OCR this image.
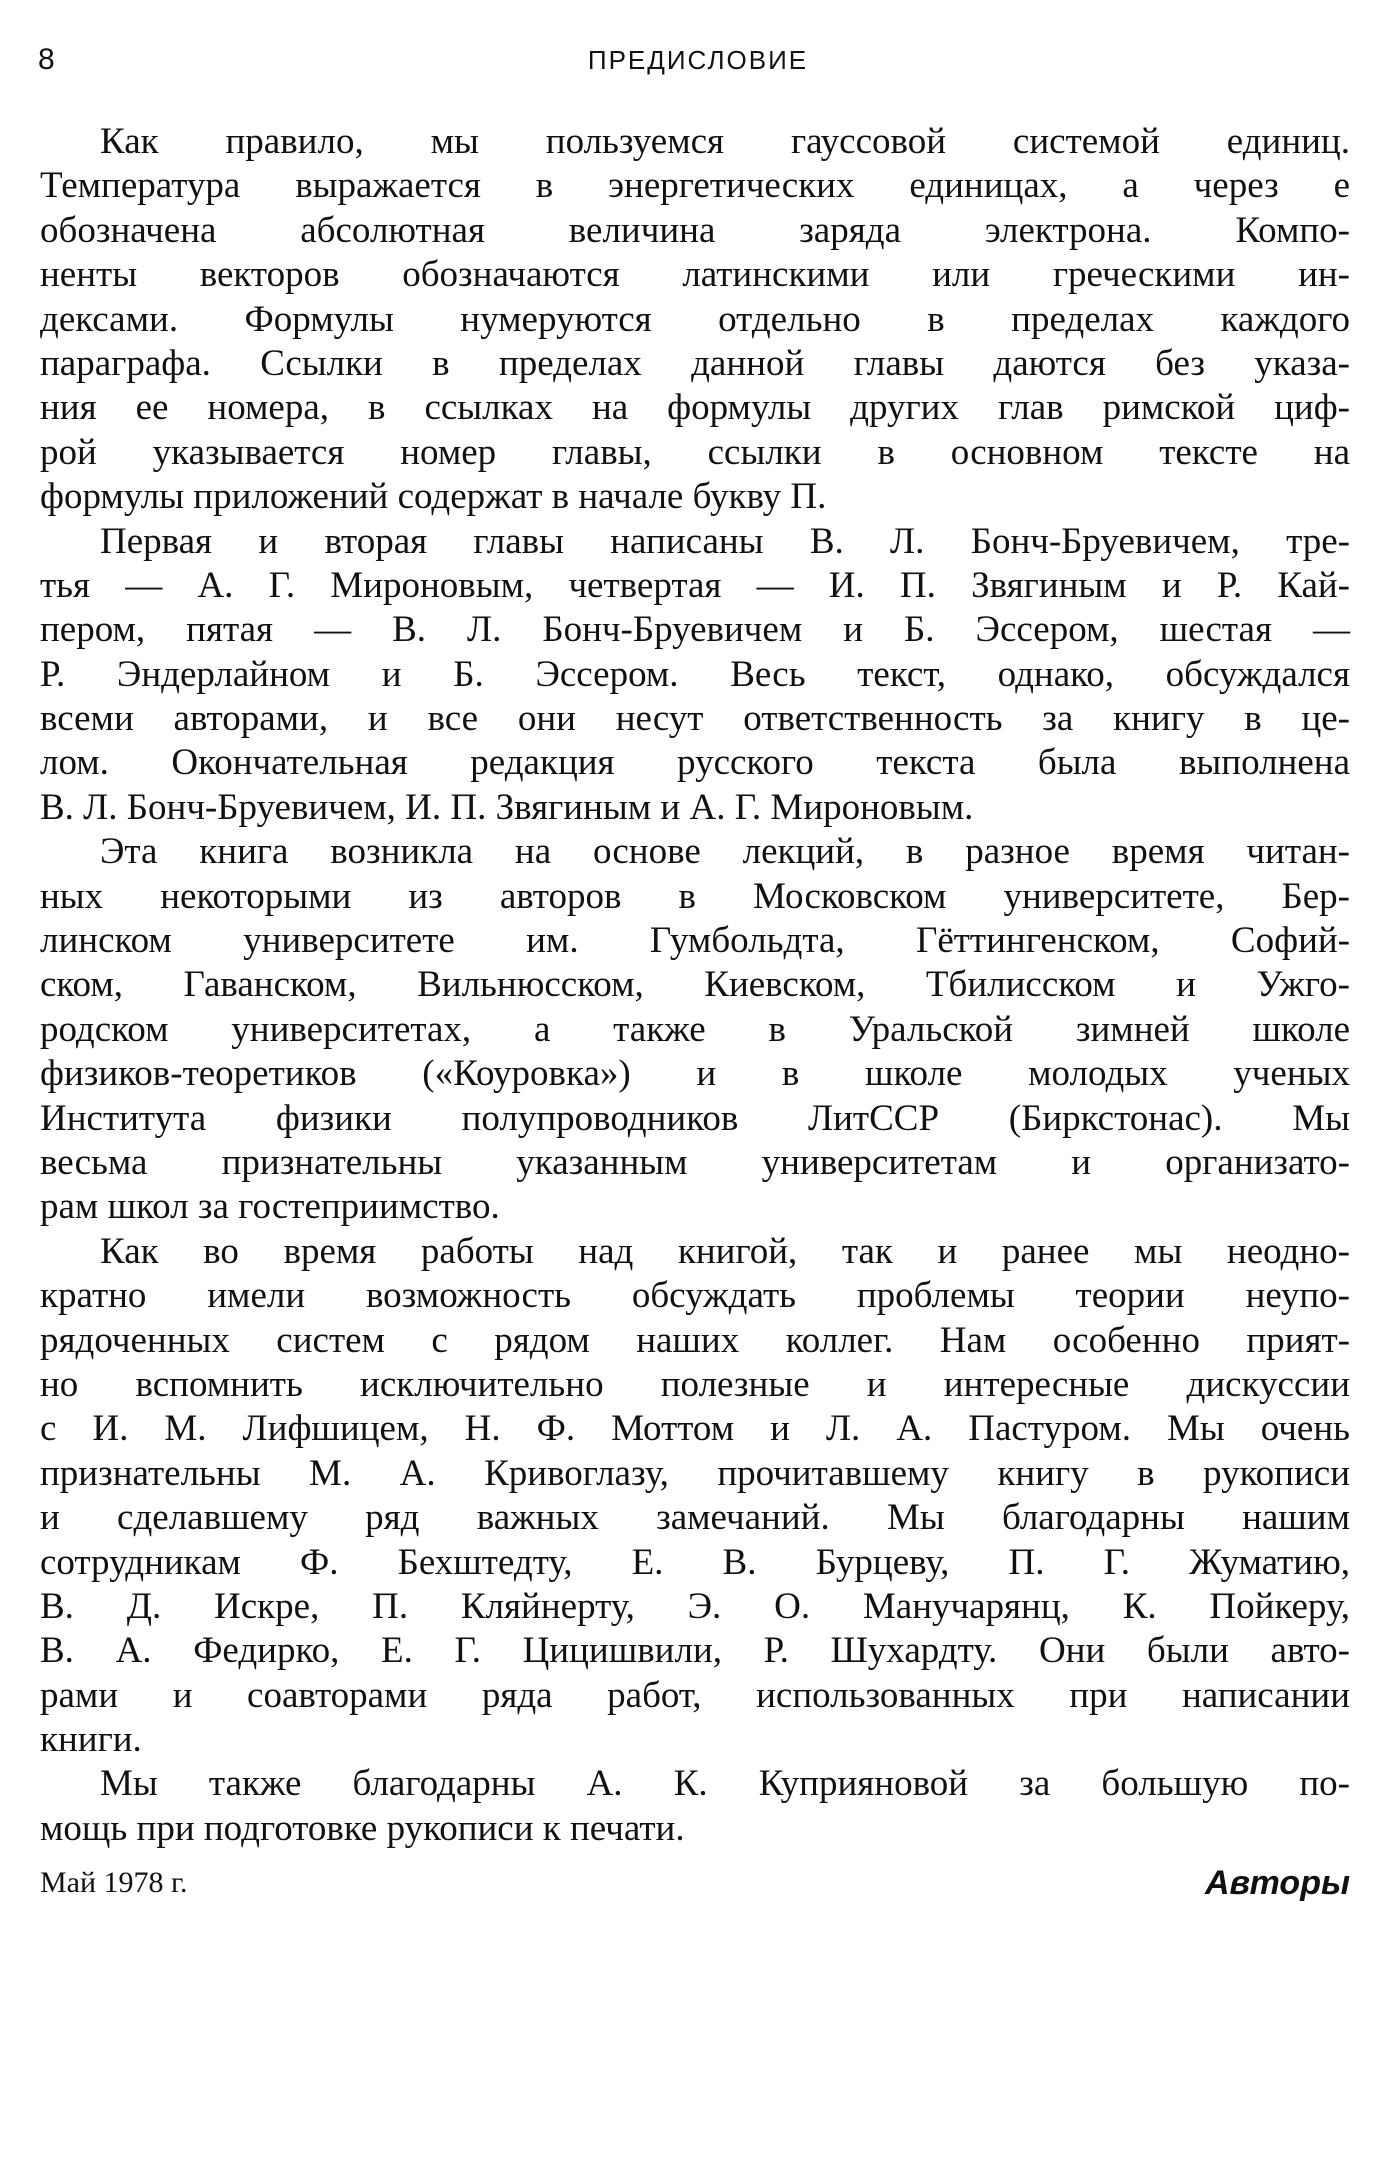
8	ПРЕДИСЛОВИЕ
Как правило, мы пользуемся гауссовой системой единиц.
Температура выражается в энергетических единицах, а через e
обозначена абсолютная величина заряда электрона. Компо-
ненты векторов обозначаются латинскими или греческими ин-
дексами. Формулы нумеруются отдельно в пределах каждого
параграфа. Ссылки в пределах данной главы даются без указа-
ния ее номера, в ссылках на формулы других глав римской циф-
рой указывается номер главы, ссылки в основном тексте на
формулы приложений содержат в начале букву П.
Первая и вторая главы написаны В. Л. Бонч-Бруевичем, тре-
тья — А. Г. Мироновым, четвертая — И. П. Звягиным и Р. Кай-
пером, пятая — В. Л. Бонч-Бруевичем и Б. Эссером, шестая —
Р. Эндерлайном и Б. Эссером. Весь текст, однако, обсуждался
всеми авторами, и все они несут ответственность за книгу в це-
лом. Окончательная редакция русского текста была выполнена
В. Л. Бонч-Бруевичем, И. П. Звягиным и А. Г. Мироновым.
Эта книга возникла на основе лекций, в разное время читан-
ных некоторыми из авторов в Московском университете, Бер-
линском университете им. Гумбольдта, Гёттингенском, Софий-
ском, Гаванском, Вильнюсском, Киевском, Тбилисском и Ужго-
родском университетах, а также в Уральской зимней школе
физиков-теоретиков («Коуровка») и в школе молодых ученых
Института физики полупроводников ЛитССР (Биркстонас). Мы
весьма признательны указанным университетам и организато-
рам школ за гостеприимство.
Как во время работы над книгой, так и ранее мы неодно-
кратно имели возможность обсуждать проблемы теории неупо-
рядоченных систем с рядом наших коллег. Нам особенно прият-
но вспомнить исключительно полезные и интересные дискуссии
с И. М. Лифшицем, Н. Ф. Моттом и Л. А. Пастуром. Мы очень
признательны М. А. Кривоглазу, прочитавшему книгу в рукописи
и сделавшему ряд важных замечаний. Мы благодарны нашим
сотрудникам Ф. Бехштедту, Е. В. Бурцеву, П. Г. Жуматию,
В. Д. Искре, П. Кляйнерту, Э. О. Манучарянц, К. Пойкеру,
В. А. Федирко, Е. Г. Цицишвили, Р. Шухардту. Они были авто-
рами и соавторами ряда работ, использованных при написании
книги.
Мы также благодарны А. К. Куприяновой за большую по-
мощь при подготовке рукописи к печати.
Май 1978 г.	Авторы
